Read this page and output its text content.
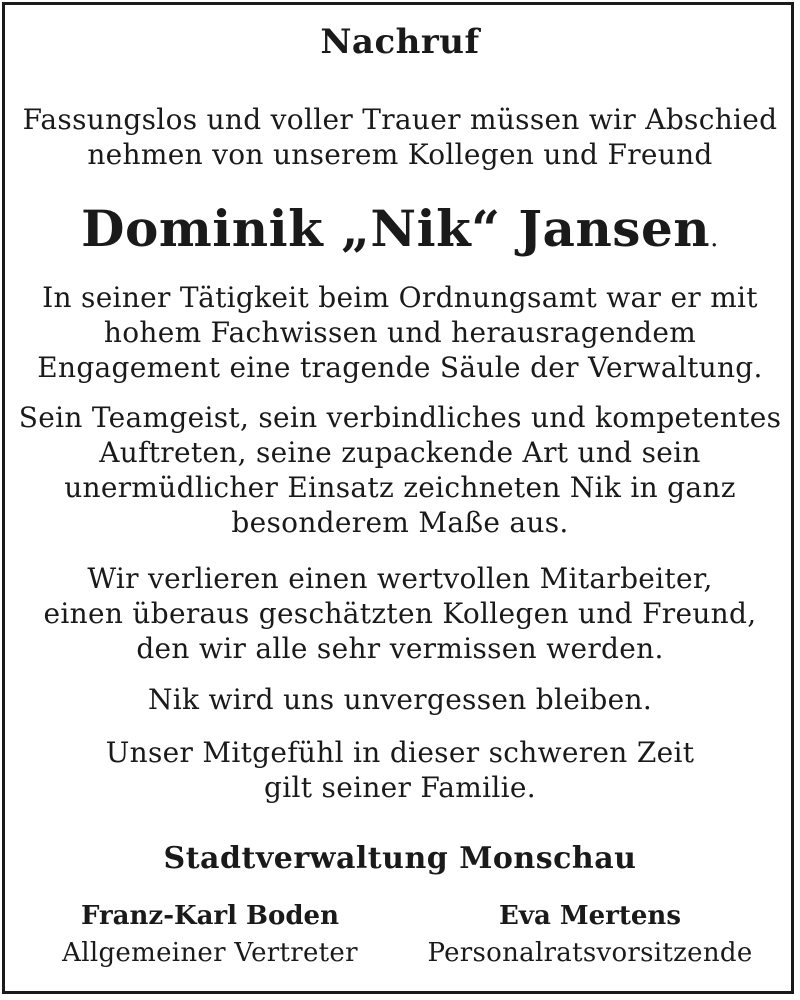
Nachruf
Fassungslos und voller Trauer müssen wir Abschied
nehmen von unserem Kollegen und Freund
Dominik „Nik“ Jansen.
In seiner Tätigkeit beim Ordnungsamt war er mit
hohem Fachwissen und herausragendem
Engagement eine tragende Säule der Verwaltung.
Sein Teamgeist, sein verbindliches und kompetentes
Auftreten, seine zupackende Art und sein
unermüdlicher Einsatz zeichneten Nik in ganz
besonderem Maße aus.
Wir verlieren einen wertvollen Mitarbeiter,
einen überaus geschätzten Kollegen und Freund,
den wir alle sehr vermissen werden.
Nik wird uns unvergessen bleiben.
Unser Mitgefühl in dieser schweren Zeit
gilt seiner Familie.
Stadtverwaltung Monschau
Franz-Karl Boden
Allgemeiner Vertreter
Eva Mertens
Personalratsvorsitzende
